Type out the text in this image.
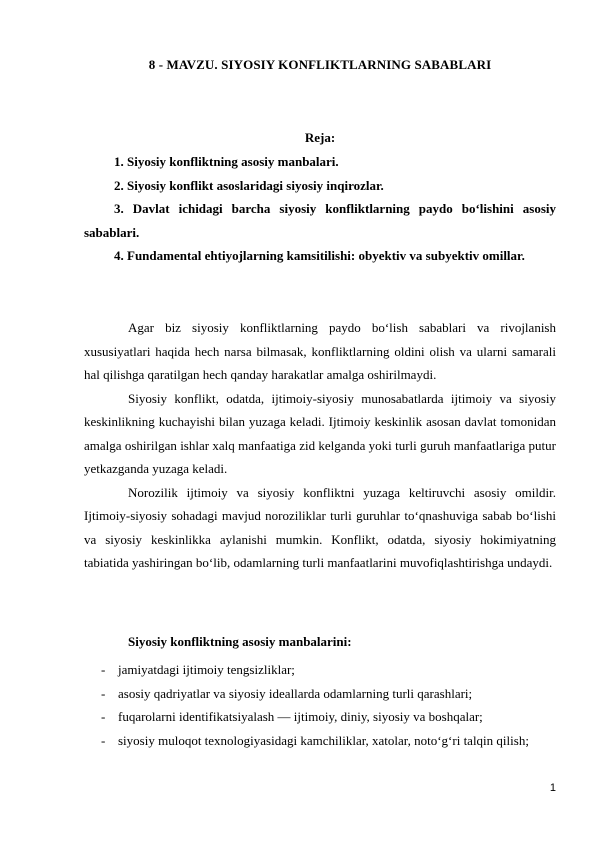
8 - MAVZU. SIYOSIY KONFLIKTLARNING SABABLARI
Reja:

1. Siyosiy konfliktning asosiy manbalari.

2. Siyosiy konflikt asoslaridagi siyosiy inqirozlar.

3. Davlat ichidagi barcha siyosiy konfliktlarning paydo boʻlishini asosiy sabablari.

4. Fundamental ehtiyojlarning kamsitilishi: obyektiv va subyektiv omillar.

Agar biz siyosiy konfliktlarning paydo boʻlish sabablari va rivojlanish xususiyatlari haqida hech narsa bilmasak, konfliktlarning oldini olish va ularni samarali hal qilishga qaratilgan hech qanday harakatlar amalga oshirilmaydi.

Siyosiy konflikt, odatda, ijtimoiy-siyosiy munosabatlarda ijtimoiy va siyosiy keskinlikning kuchayishi bilan yuzaga keladi. Ijtimoiy keskinlik asosan davlat tomonidan amalga oshirilgan ishlar xalq manfaatiga zid kelganda yoki turli guruh manfaatlariga putur yetkazganda yuzaga keladi.

Norozilik ijtimoiy va siyosiy konfliktni yuzaga keltiruvchi asosiy omildir. Ijtimoiy-siyosiy sohadagi mavjud noroziliklar turli guruhlar toʻqnashuviga sabab boʻlishi va siyosiy keskinlikka aylanishi mumkin. Konflikt, odatda, siyosiy hokimiyatning tabiatida yashiringan boʻlib, odamlarning turli manfaatlarini muvofiqlashtirishga undaydi.

Siyosiy konfliktning asosiy manbalarini:
- jamiyatdagi ijtimoiy tengsizliklar;
- asosiy qadriyatlar va siyosiy ideallarda odamlarning turli qarashlari;
- fuqarolarni identifikatsiyalash — ijtimoiy, diniy, siyosiy va boshqalar;
- siyosiy muloqot texnologiyasidagi kamchiliklar, xatolar, notoʻgʻri talqin qilish;
1
